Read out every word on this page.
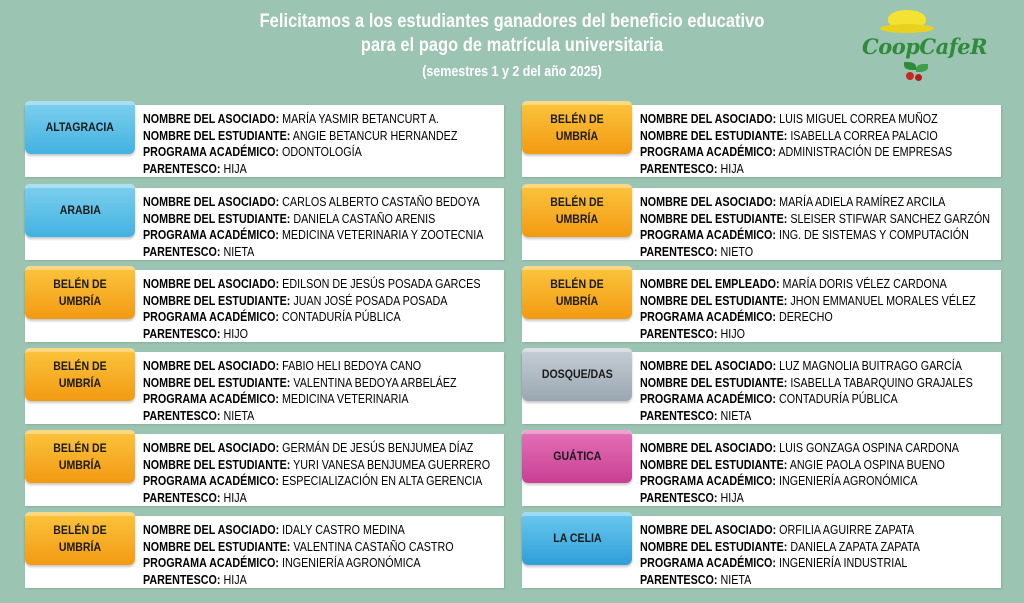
Felicitamos a los estudiantes ganadores del beneficio educativo
para el pago de matrícula universitaria
(semestres 1 y 2 del año 2025)
CoopCafeR
ALTAGRACIA
NOMBRE DEL ASOCIADO: MARÍA YASMIR BETANCURT A.
NOMBRE DEL ESTUDIANTE: ANGIE BETANCUR HERNANDEZ
PROGRAMA ACADÉMICO: ODONTOLOGÍA
PARENTESCO: HIJA
ARABIA
NOMBRE DEL ASOCIADO: CARLOS ALBERTO CASTAÑO BEDOYA
NOMBRE DEL ESTUDIANTE: DANIELA CASTAÑO ARENIS
PROGRAMA ACADÉMICO: MEDICINA VETERINARIA Y ZOOTECNIA
PARENTESCO: NIETA
BELÉN DE UMBRÍA
NOMBRE DEL ASOCIADO: EDILSON DE JESÚS POSADA GARCES
NOMBRE DEL ESTUDIANTE: JUAN JOSÉ POSADA POSADA
PROGRAMA ACADÉMICO: CONTADURÍA PÚBLICA
PARENTESCO: HIJO
BELÉN DE UMBRÍA
NOMBRE DEL ASOCIADO: FABIO HELI BEDOYA CANO
NOMBRE DEL ESTUDIANTE: VALENTINA BEDOYA ARBELÁEZ
PROGRAMA ACADÉMICO: MEDICINA VETERINARIA
PARENTESCO: NIETA
BELÉN DE UMBRÍA
NOMBRE DEL ASOCIADO: GERMÁN DE JESÚS BENJUMEA DÍAZ
NOMBRE DEL ESTUDIANTE: YURI VANESA BENJUMEA GUERRERO
PROGRAMA ACADÉMICO: ESPECIALIZACIÓN EN ALTA GERENCIA
PARENTESCO: HIJA
BELÉN DE UMBRÍA
NOMBRE DEL ASOCIADO: IDALY CASTRO MEDINA
NOMBRE DEL ESTUDIANTE: VALENTINA CASTAÑO CASTRO
PROGRAMA ACADÉMICO: INGENIERÍA AGRONÓMICA
PARENTESCO: HIJA
BELÉN DE UMBRÍA
NOMBRE DEL ASOCIADO: LUIS MIGUEL CORREA MUÑOZ
NOMBRE DEL ESTUDIANTE: ISABELLA CORREA PALACIO
PROGRAMA ACADÉMICO: ADMINISTRACIÓN DE EMPRESAS
PARENTESCO: HIJA
BELÉN DE UMBRÍA
NOMBRE DEL ASOCIADO: MARÍA ADIELA RAMÍREZ ARCILA
NOMBRE DEL ESTUDIANTE: SLEISER STIFWAR SANCHEZ GARZÓN
PROGRAMA ACADÉMICO: ING. DE SISTEMAS Y COMPUTACIÓN
PARENTESCO: NIETO
BELÉN DE UMBRÍA
NOMBRE DEL EMPLEADO: MARÍA DORIS VÉLEZ CARDONA
NOMBRE DEL ESTUDIANTE: JHON EMMANUEL MORALES VÉLEZ
PROGRAMA ACADÉMICO: DERECHO
PARENTESCO: HIJO
DOSQUE/DAS
NOMBRE DEL ASOCIADO: LUZ MAGNOLIA BUITRAGO GARCÍA
NOMBRE DEL ESTUDIANTE: ISABELLA TABARQUINO GRAJALES
PROGRAMA ACADÉMICO: CONTADURÍA PÚBLICA
PARENTESCO: NIETA
GUÁTICA
NOMBRE DEL ASOCIADO: LUIS GONZAGA OSPINA CARDONA
NOMBRE DEL ESTUDIANTE: ANGIE PAOLA OSPINA BUENO
PROGRAMA ACADÉMICO: INGENIERÍA AGRONÓMICA
PARENTESCO: HIJA
LA CELIA
NOMBRE DEL ASOCIADO: ORFILIA AGUIRRE ZAPATA
NOMBRE DEL ESTUDIANTE: DANIELA ZAPATA ZAPATA
PROGRAMA ACADÉMICO: INGENIERÍA INDUSTRIAL
PARENTESCO: NIETA
